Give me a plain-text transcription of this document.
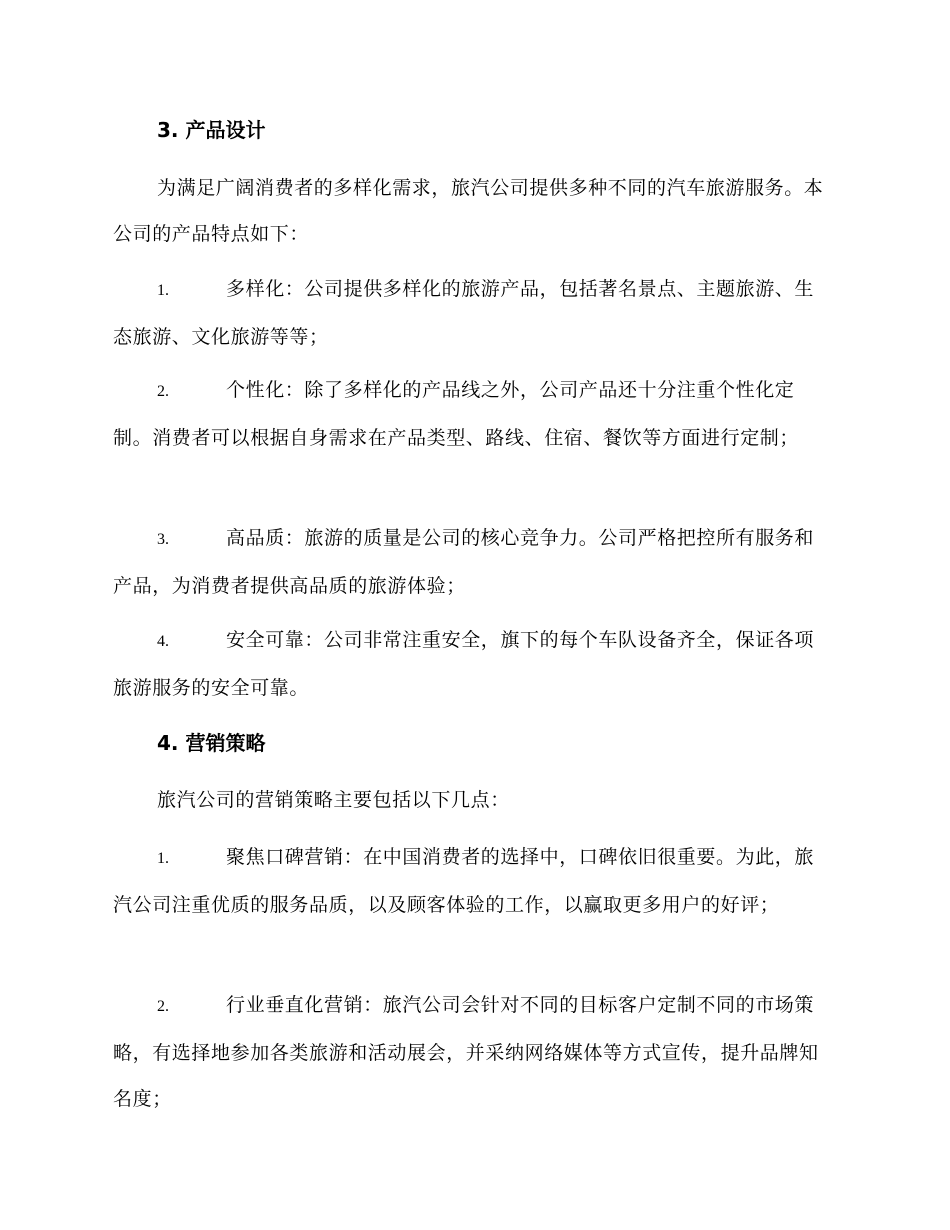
3. 产品设计
为满足广阔消费者的多样化需求，旅汽公司提供多种不同的汽车旅游服务。本公司的产品特点如下：
1.	多样化：公司提供多样化的旅游产品，包括著名景点、主题旅游、生态旅游、文化旅游等等；
2.	个性化：除了多样化的产品线之外，公司产品还十分注重个性化定制。消费者可以根据自身需求在产品类型、路线、住宿、餐饮等方面进行定制；
3.	高品质：旅游的质量是公司的核心竞争力。公司严格把控所有服务和产品，为消费者提供高品质的旅游体验；
4.	安全可靠：公司非常注重安全，旗下的每个车队设备齐全，保证各项旅游服务的安全可靠。
4. 营销策略
旅汽公司的营销策略主要包括以下几点：
1.	聚焦口碑营销：在中国消费者的选择中，口碑依旧很重要。为此，旅汽公司注重优质的服务品质，以及顾客体验的工作，以赢取更多用户的好评；
2.	行业垂直化营销：旅汽公司会针对不同的目标客户定制不同的市场策略，有选择地参加各类旅游和活动展会，并采纳网络媒体等方式宣传，提升品牌知名度；
